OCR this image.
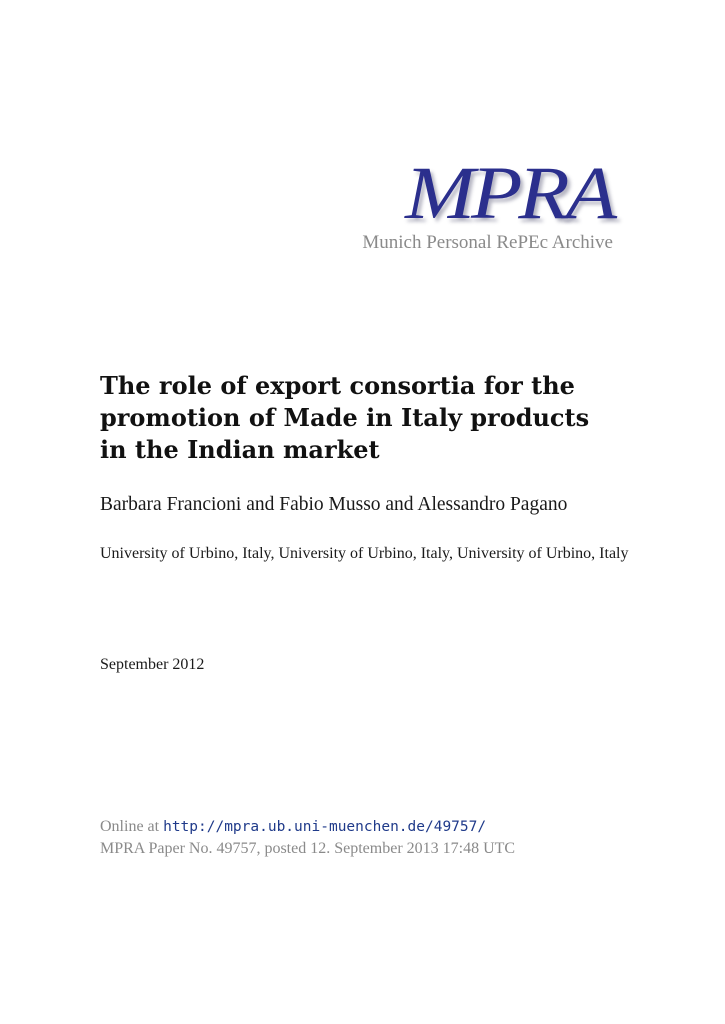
MPRA
Munich Personal RePEc Archive
The role of export consortia for the promotion of Made in Italy products in the Indian market
Barbara Francioni and Fabio Musso and Alessandro Pagano
University of Urbino, Italy, University of Urbino, Italy, University of Urbino, Italy
September 2012
Online at http://mpra.ub.uni-muenchen.de/49757/
MPRA Paper No. 49757, posted 12. September 2013 17:48 UTC
